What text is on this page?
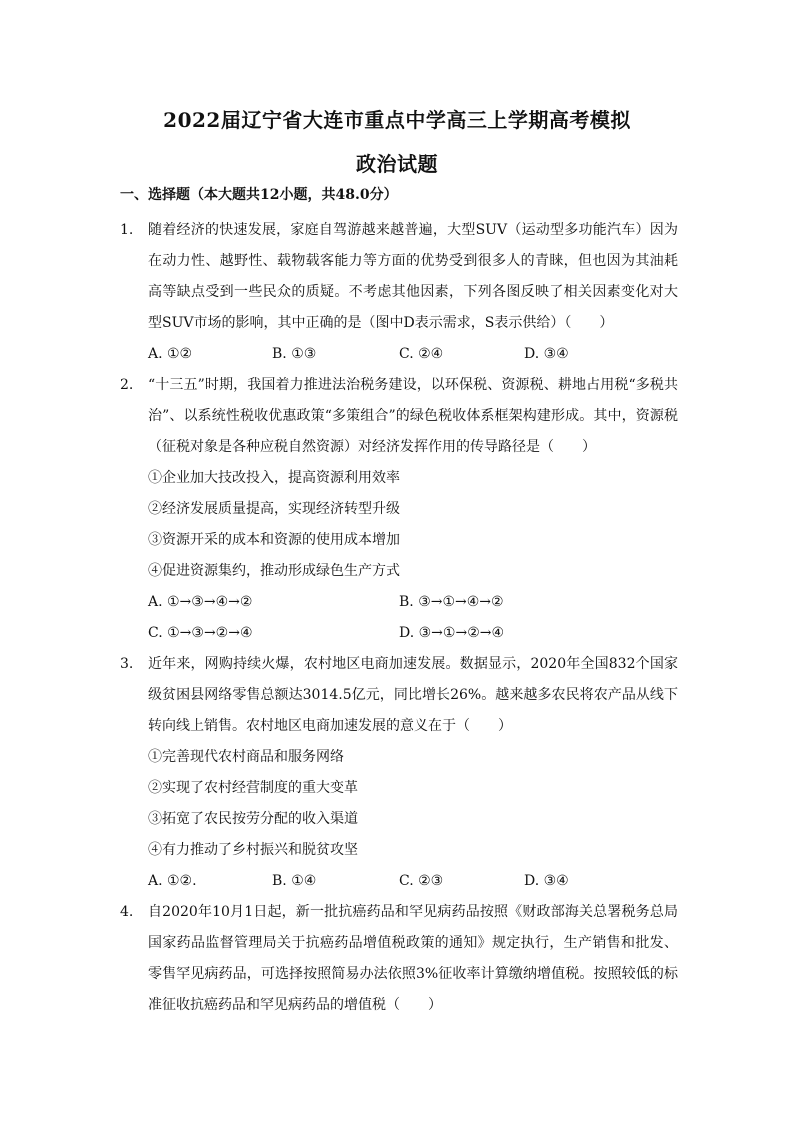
2022届辽宁省大连市重点中学高三上学期高考模拟
政治试题

一、选择题（本大题共12小题，共48.0分）

1. 随着经济的快速发展，家庭自驾游越来越普遍，大型SUV（运动型多功能汽车）因为在动力性、越野性、载物载客能力等方面的优势受到很多人的青睐，但也因为其油耗高等缺点受到一些民众的质疑。不考虑其他因素，下列各图反映了相关因素变化对大型SUV市场的影响，其中正确的是（图中D表示需求，S表示供给）（　　）

A. ①②	B. ①③	C. ②④	D. ③④
2. “十三五”时期，我国着力推进法治税务建设，以环保税、资源税、耕地占用税“多税共治”、以系统性税收优惠政策“多策组合”的绿色税收体系框架构建形成。其中，资源税（征税对象是各种应税自然资源）对经济发挥作用的传导路径是（　　）

①企业加大技改投入，提高资源利用效率

②经济发展质量提高，实现经济转型升级

③资源开采的成本和资源的使用成本增加

④促进资源集约，推动形成绿色生产方式

A. ①→③→④→②	B. ③→①→④→②
C. ①→③→②→④	D. ③→①→②→④
3. 近年来，网购持续火爆，农村地区电商加速发展。数据显示，2020年全国832个国家级贫困县网络零售总额达3014.5亿元，同比增长26%。越来越多农民将农产品从线下转向线上销售。农村地区电商加速发展的意义在于（　　）

①完善现代农村商品和服务网络

②实现了农村经营制度的重大变革

③拓宽了农民按劳分配的收入渠道

④有力推动了乡村振兴和脱贫攻坚

A. ①②.	B. ①④	C. ②③	D. ③④
4. 自2020年10月1日起，新一批抗癌药品和罕见病药品按照《财政部海关总署税务总局国家药品监督管理局关于抗癌药品增值税政策的通知》规定执行，生产销售和批发、零售罕见病药品，可选择按照简易办法依照3%征收率计算缴纳增值税。按照较低的标准征收抗癌药品和罕见病药品的增值税（　　）
